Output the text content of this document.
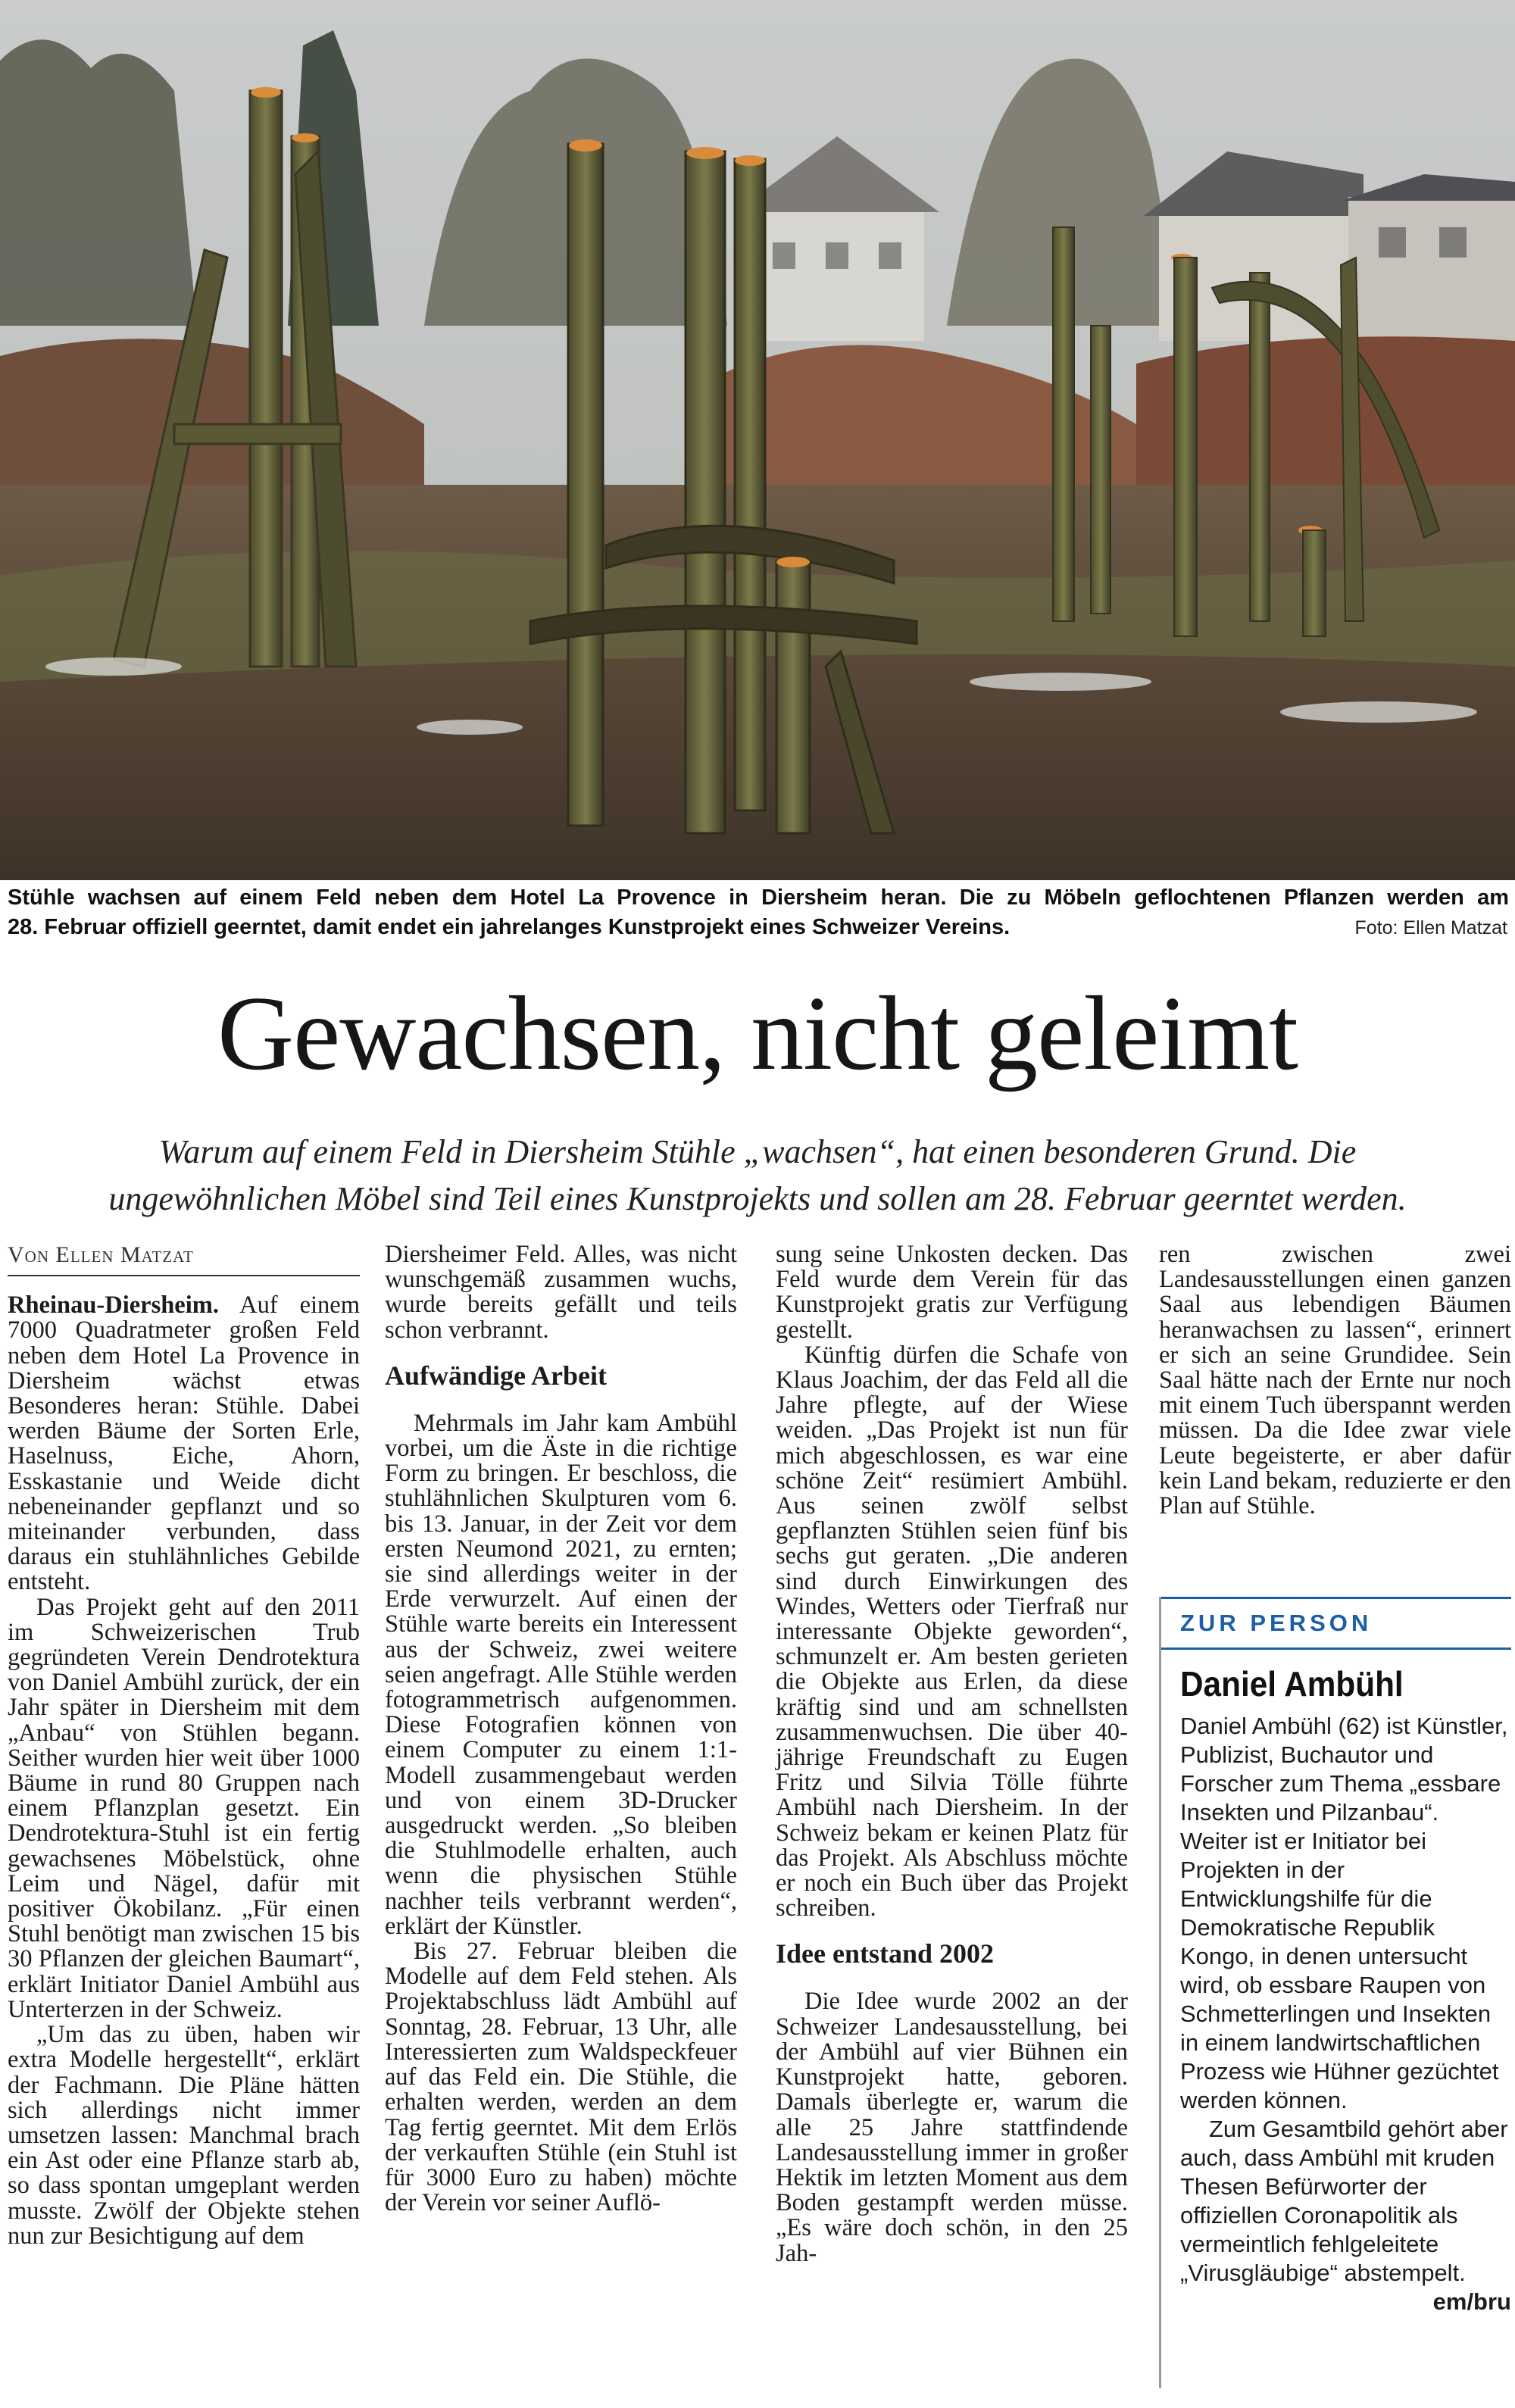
Stühle wachsen auf einem Feld neben dem Hotel La Provence in Diersheim heran. Die zu Möbeln geflochtenen Pflanzen werden am
28. Februar offiziell geerntet, damit endet ein jahrelanges Kunstprojekt eines Schweizer Vereins.	Foto: Ellen Matzat
Gewachsen, nicht geleimt
Warum auf einem Feld in Diersheim Stühle „wachsen“, hat einen besonderen Grund. Die
ungewöhnlichen Möbel sind Teil eines Kunstprojekts und sollen am 28. Februar geerntet werden.
Von Ellen Matzat

Rheinau-Diersheim. Auf einem 7000 Quadratmeter großen Feld neben dem Hotel La Provence in Diersheim wächst etwas Besonderes heran: Stühle. Dabei werden Bäume der Sorten Erle, Haselnuss, Eiche, Ahorn, Esskastanie und Weide dicht nebeneinander gepflanzt und so miteinander verbunden, dass daraus ein stuhlähnliches Gebilde entsteht.

Das Projekt geht auf den 2011 im Schweizerischen Trub gegründeten Verein Dendrotektura von Daniel Ambühl zurück, der ein Jahr später in Diersheim mit dem „Anbau“ von Stühlen begann. Seither wurden hier weit über 1000 Bäume in rund 80 Gruppen nach einem Pflanzplan gesetzt. Ein Dendrotektura-Stuhl ist ein fertig gewachsenes Möbelstück, ohne Leim und Nägel, dafür mit positiver Ökobilanz. „Für einen Stuhl benötigt man zwischen 15 bis 30 Pflanzen der gleichen Baumart“, erklärt Initiator Daniel Ambühl aus Unterterzen in der Schweiz.

„Um das zu üben, haben wir extra Modelle hergestellt“, erklärt der Fachmann. Die Pläne hätten sich allerdings nicht immer umsetzen lassen: Manchmal brach ein Ast oder eine Pflanze starb ab, so dass spontan umgeplant werden musste. Zwölf der Objekte stehen nun zur Besichtigung auf dem

Diersheimer Feld. Alles, was nicht wunschgemäß zusammen wuchs, wurde bereits gefällt und teils schon verbrannt.

Aufwändige Arbeit

Mehrmals im Jahr kam Ambühl vorbei, um die Äste in die richtige Form zu bringen. Er beschloss, die stuhlähnlichen Skulpturen vom 6. bis 13. Januar, in der Zeit vor dem ersten Neumond 2021, zu ernten; sie sind allerdings weiter in der Erde verwurzelt. Auf einen der Stühle warte bereits ein Interessent aus der Schweiz, zwei weitere seien angefragt. Alle Stühle werden fotogrammetrisch aufgenommen. Diese Fotografien können von einem Computer zu einem 1:1-Modell zusammengebaut werden und von einem 3D-Drucker ausgedruckt werden. „So bleiben die Stuhlmodelle erhalten, auch wenn die physischen Stühle nachher teils verbrannt werden“, erklärt der Künstler.

Bis 27. Februar bleiben die Modelle auf dem Feld stehen. Als Projektabschluss lädt Ambühl auf Sonntag, 28. Februar, 13 Uhr, alle Interessierten zum Waldspeckfeuer auf das Feld ein. Die Stühle, die erhalten werden, werden an dem Tag fertig geerntet. Mit dem Erlös der verkauften Stühle (ein Stuhl ist für 3000 Euro zu haben) möchte der Verein vor seiner Auflö-

sung seine Unkosten decken. Das Feld wurde dem Verein für das Kunstprojekt gratis zur Verfügung gestellt.

Künftig dürfen die Schafe von Klaus Joachim, der das Feld all die Jahre pflegte, auf der Wiese weiden. „Das Projekt ist nun für mich abgeschlossen, es war eine schöne Zeit“ resümiert Ambühl. Aus seinen zwölf selbst gepflanzten Stühlen seien fünf bis sechs gut geraten. „Die anderen sind durch Einwirkungen des Windes, Wetters oder Tierfraß nur interessante Objekte geworden“, schmunzelt er. Am besten gerieten die Objekte aus Erlen, da diese kräftig sind und am schnellsten zusammenwuchsen. Die über 40-jährige Freundschaft zu Eugen Fritz und Silvia Tölle führte Ambühl nach Diersheim. In der Schweiz bekam er keinen Platz für das Projekt. Als Abschluss möchte er noch ein Buch über das Projekt schreiben.

Idee entstand 2002

Die Idee wurde 2002 an der Schweizer Landesausstellung, bei der Ambühl auf vier Bühnen ein Kunstprojekt hatte, geboren. Damals überlegte er, warum die alle 25 Jahre stattfindende Landesausstellung immer in großer Hektik im letzten Moment aus dem Boden gestampft werden müsse. „Es wäre doch schön, in den 25 Jah-

ren zwischen zwei Landesausstellungen einen ganzen Saal aus lebendigen Bäumen heranwachsen zu lassen“, erinnert er sich an seine Grundidee. Sein Saal hätte nach der Ernte nur noch mit einem Tuch überspannt werden müssen. Da die Idee zwar viele Leute begeisterte, er aber dafür kein Land bekam, reduzierte er den Plan auf Stühle.

ZUR PERSON
Daniel Ambühl

Daniel Ambühl (62) ist Künstler, Publizist, Buchautor und Forscher zum Thema „essbare Insekten und Pilzanbau“. Weiter ist er Initiator bei Projekten in der Entwicklungshilfe für die Demokratische Republik Kongo, in denen untersucht wird, ob essbare Raupen von Schmetterlingen und Insekten in einem landwirtschaftlichen Prozess wie Hühner gezüchtet werden können.

Zum Gesamtbild gehört aber auch, dass Ambühl mit kruden Thesen Befürworter der offiziellen Coronapolitik als vermeintlich fehlgeleitete „Virusgläubige“ abstempelt.
em/bru
